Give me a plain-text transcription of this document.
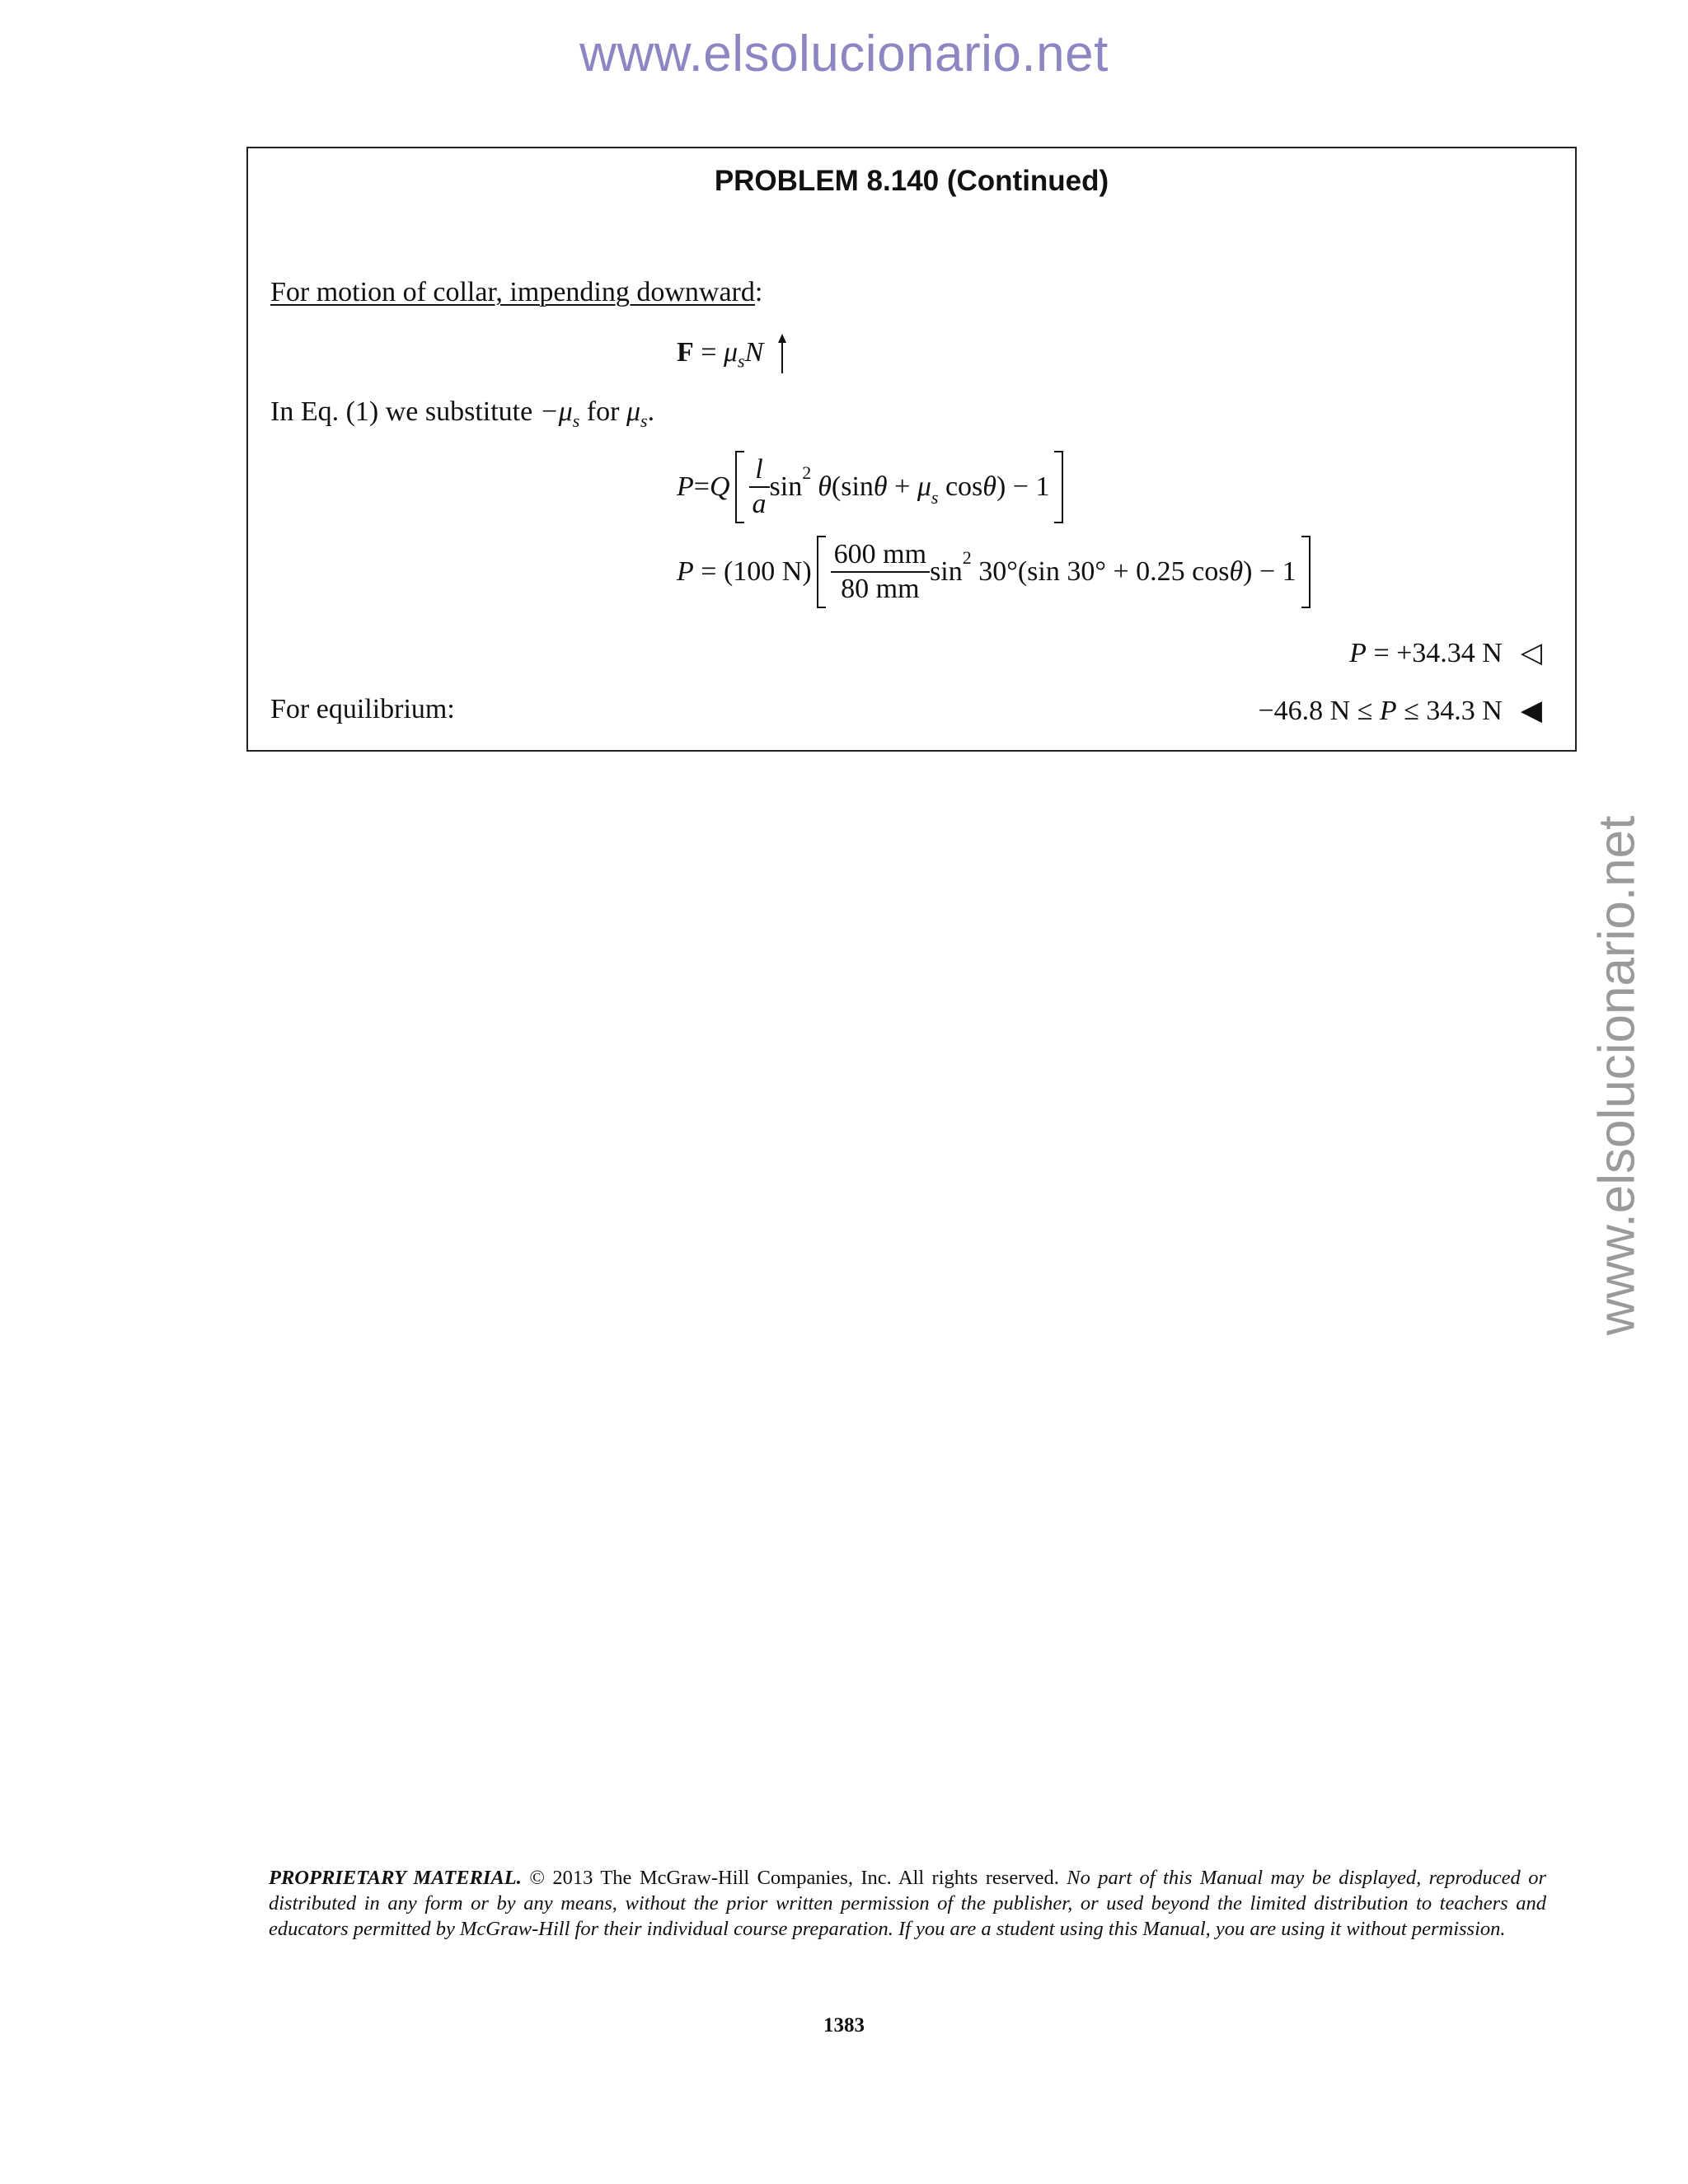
www.elsolucionario.net
www.elsolucionario.net
PROBLEM 8.140 (Continued)
For motion of collar, impending downward:
$F = \mu_sN$
In Eq. (1) we substitute $-\mu_s$ for $\mu_s$.
P = Q $\frac{l}{a} \sin^2 \theta$ (sin $\theta + \mu_s$ cos θ ) − 1
P = (100 $N) \frac{600 mm}{80 mm} \sin^2 30^\circ(\sin$ 30° + 0.25 cos θ ) − 1
P = +34.34 N ◁
For equilibrium:	−46.8 N ≤ P ≤ 34.3 N ◀
PROPRIETARY MATERIAL. © 2013 The McGraw-Hill Companies, Inc. All rights reserved. No part of this Manual may be displayed, reproduced or distributed in any form or by any means, without the prior written permission of the publisher, or used beyond the limited distribution to teachers and educators permitted by McGraw-Hill for their individual course preparation. If you are a student using this Manual, you are using it without permission.
1383
